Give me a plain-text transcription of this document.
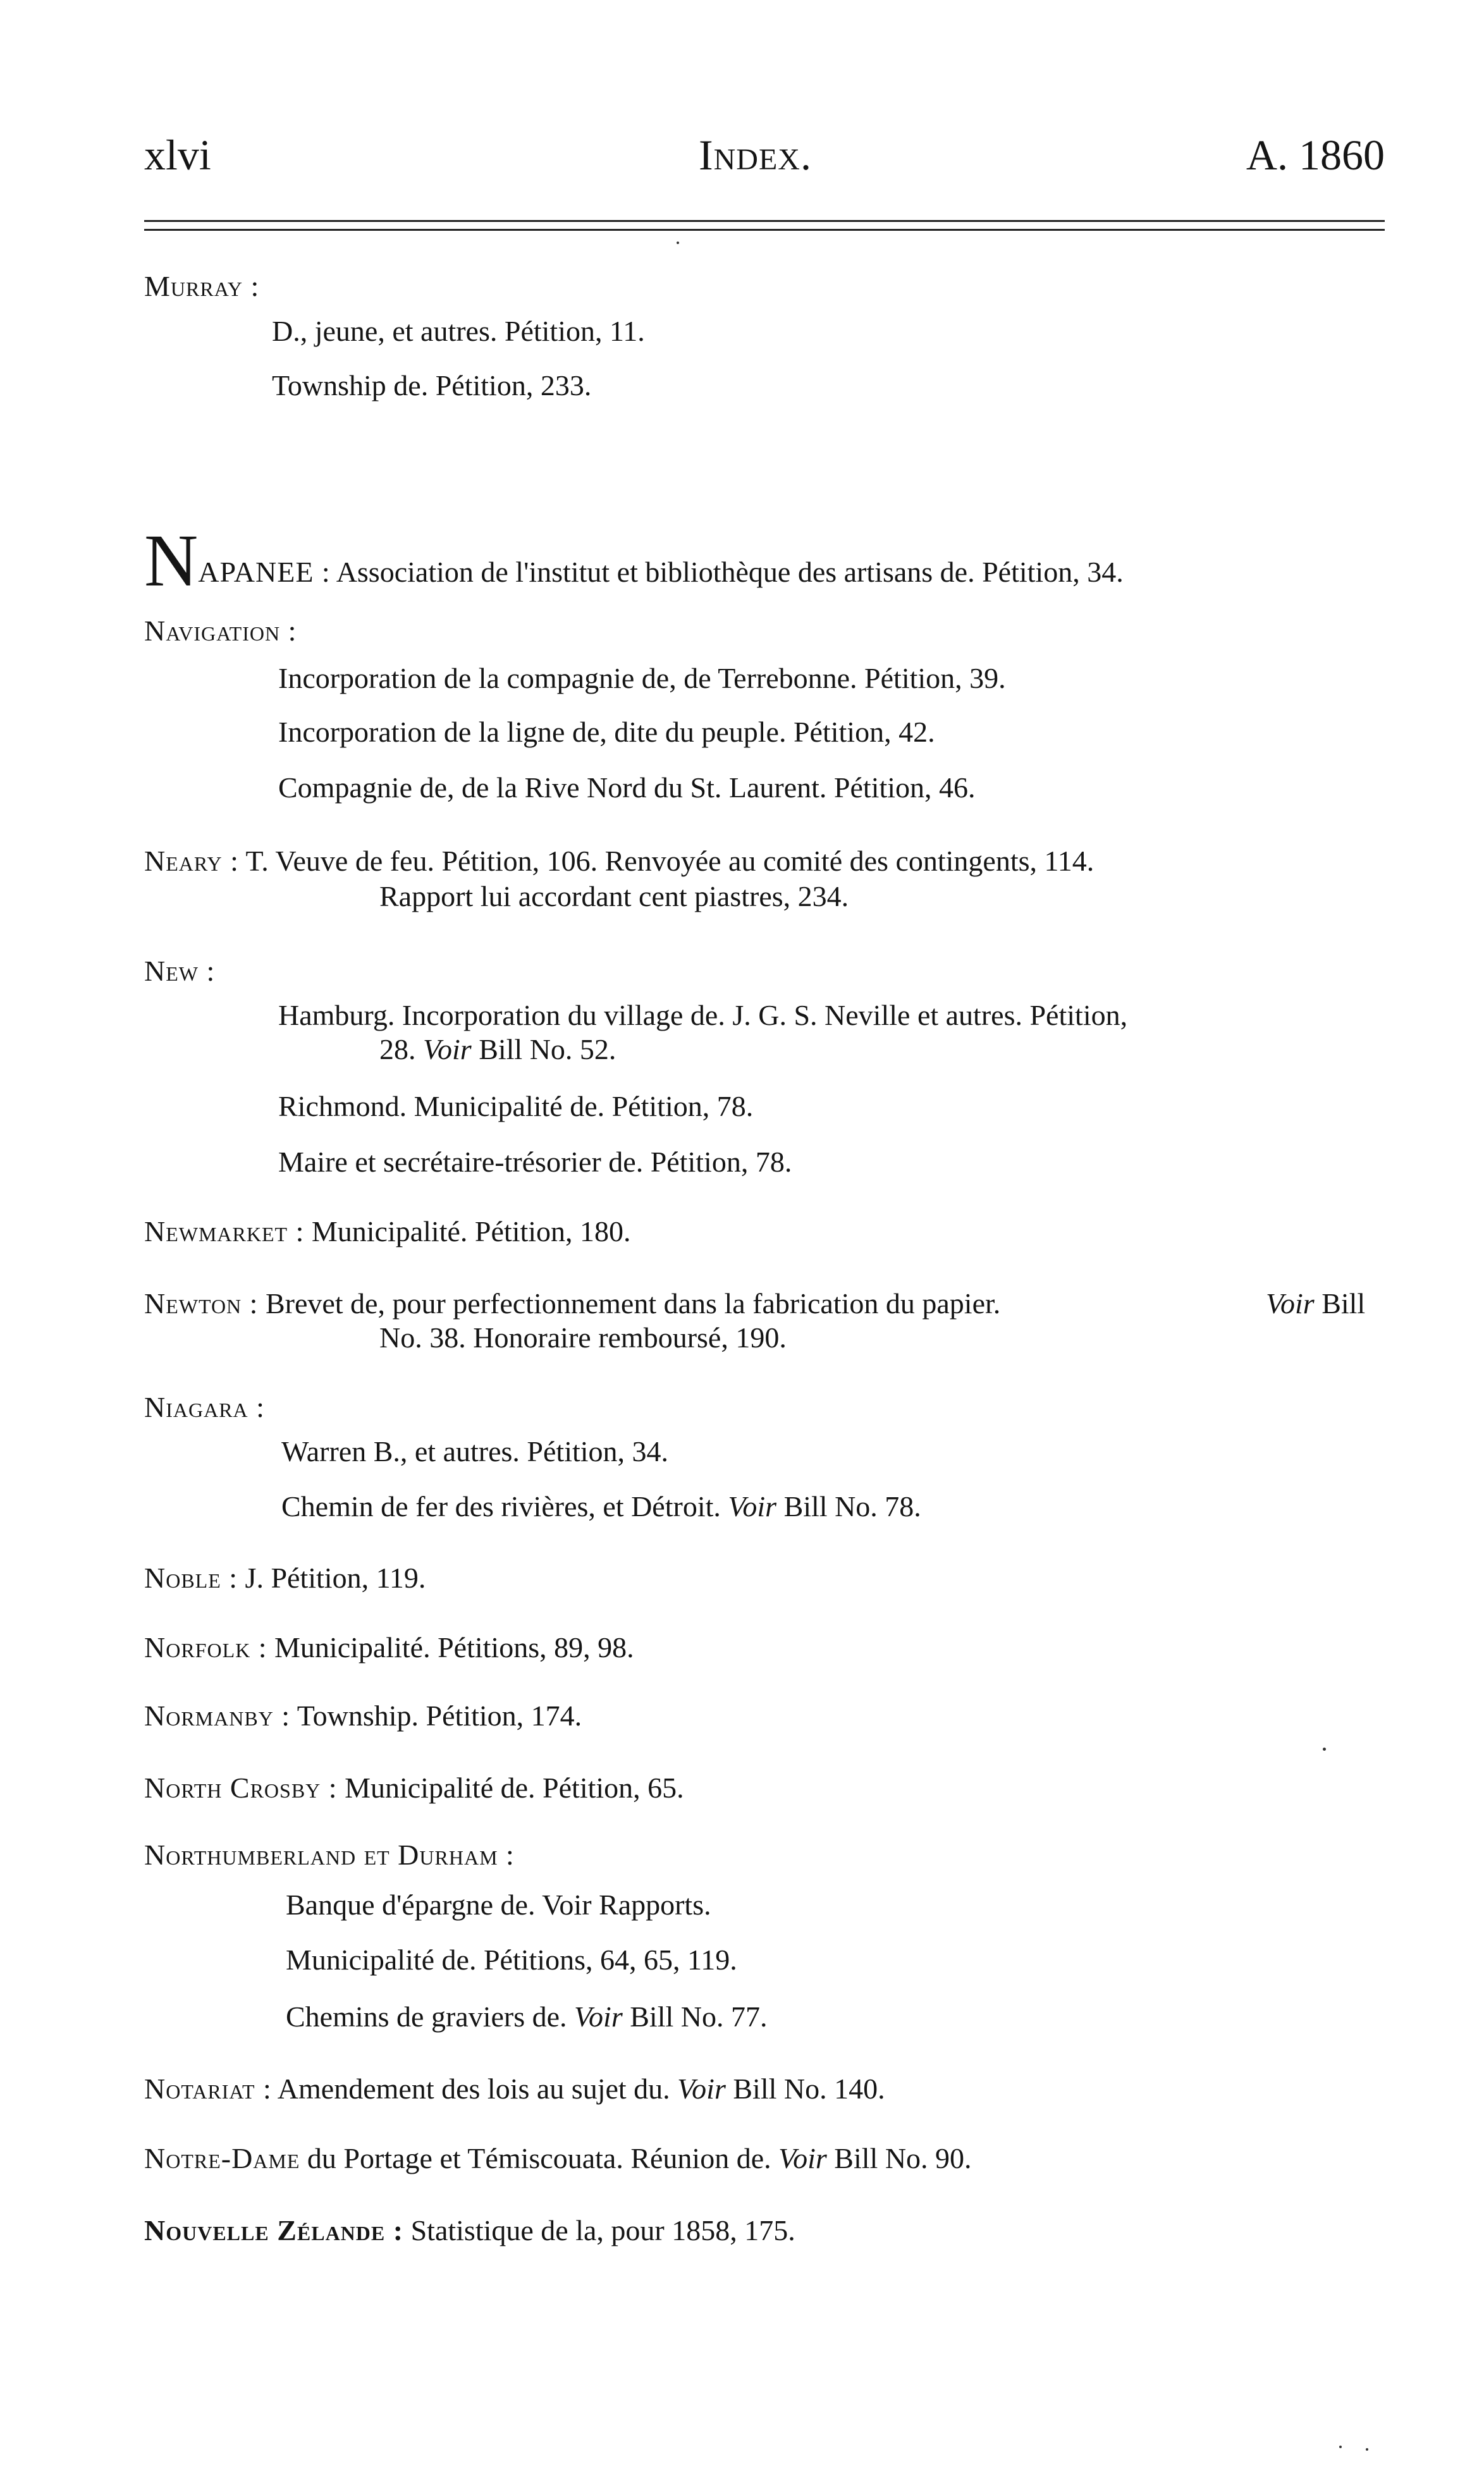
xlvi	Index.	A. 1860
Murray :
D., jeune, et autres. Pétition, 11.
Township de. Pétition, 233.
NAPANEE : Association de l'institut et bibliothèque des artisans de. Pétition, 34.
Navigation :
Incorporation de la compagnie de, de Terrebonne. Pétition, 39.
Incorporation de la ligne de, dite du peuple. Pétition, 42.
Compagnie de, de la Rive Nord du St. Laurent. Pétition, 46.
Neary : T. Veuve de feu. Pétition, 106. Renvoyée au comité des contingents, 114.
Rapport lui accordant cent piastres, 234.
New :
Hamburg. Incorporation du village de. J. G. S. Neville et autres. Pétition,
28. Voir Bill No. 52.
Richmond. Municipalité de. Pétition, 78.
Maire et secrétaire-trésorier de. Pétition, 78.
Newmarket : Municipalité. Pétition, 180.
Newton : Brevet de, pour perfectionnement dans la fabrication du papier.	Voir Bill
No. 38. Honoraire remboursé, 190.
Niagara :
Warren B., et autres. Pétition, 34.
Chemin de fer des rivières, et Détroit. Voir Bill No. 78.
Noble : J. Pétition, 119.
Norfolk : Municipalité. Pétitions, 89, 98.
Normanby : Township. Pétition, 174.
North Crosby : Municipalité de. Pétition, 65.
Northumberland et Durham :
Banque d'épargne de. Voir Rapports.
Municipalité de. Pétitions, 64, 65, 119.
Chemins de graviers de. Voir Bill No. 77.
Notariat : Amendement des lois au sujet du. Voir Bill No. 140.
Notre-Dame du Portage et Témiscouata. Réunion de. Voir Bill No. 90.
Nouvelle Zélande : Statistique de la, pour 1858, 175.
